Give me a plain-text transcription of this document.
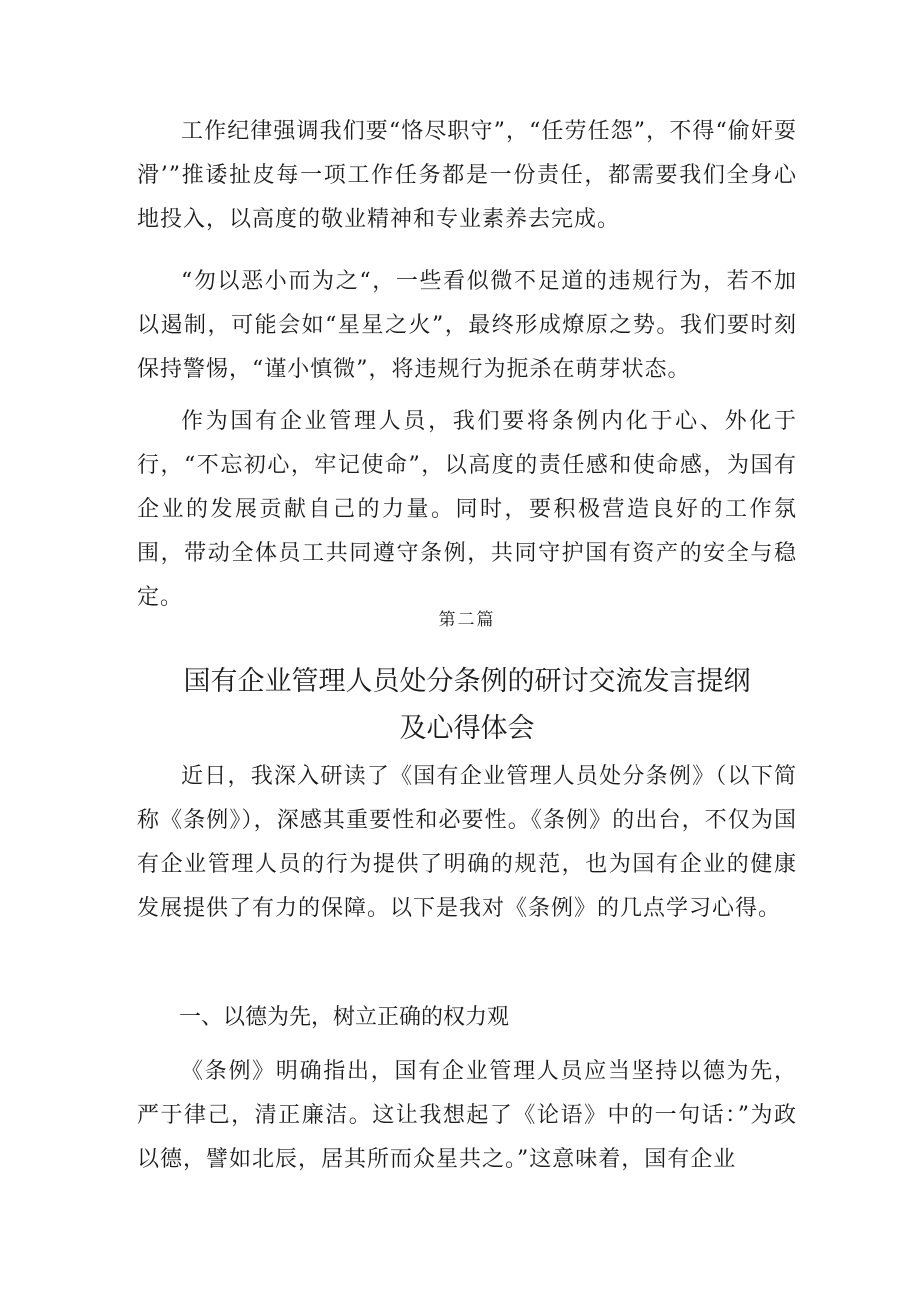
工作纪律强调我们要“恪尽职守”，“任劳任怨”，不得“偷奸耍滑’”推诿扯皮每一项工作任务都是一份责任，都需要我们全身心地投入，以高度的敬业精神和专业素养去完成。

“勿以恶小而为之“，一些看似微不足道的违规行为，若不加以遏制，可能会如“星星之火”，最终形成燎原之势。我们要时刻保持警惕，“谨小慎微”，将违规行为扼杀在萌芽状态。

作为国有企业管理人员，我们要将条例内化于心、外化于行，“不忘初心，牢记使命”，以高度的责任感和使命感，为国有企业的发展贡献自己的力量。同时，要积极营造良好的工作氛围，带动全体员工共同遵守条例，共同守护国有资产的安全与稳定。

第二篇
国有企业管理人员处分条例的研讨交流发言提纲及心得体会

近日，我深入研读了《国有企业管理人员处分条例》（以下简称《条例》），深感其重要性和必要性。《条例》的出台，不仅为国有企业管理人员的行为提供了明确的规范，也为国有企业的健康发展提供了有力的保障。以下是我对《条例》的几点学习心得。

一、以德为先，树立正确的权力观

《条例》明确指出，国有企业管理人员应当坚持以德为先，严于律己，清正廉洁。这让我想起了《论语》中的一句话：”为政以德，譬如北辰，居其所而众星共之。”这意味着，国有企业
